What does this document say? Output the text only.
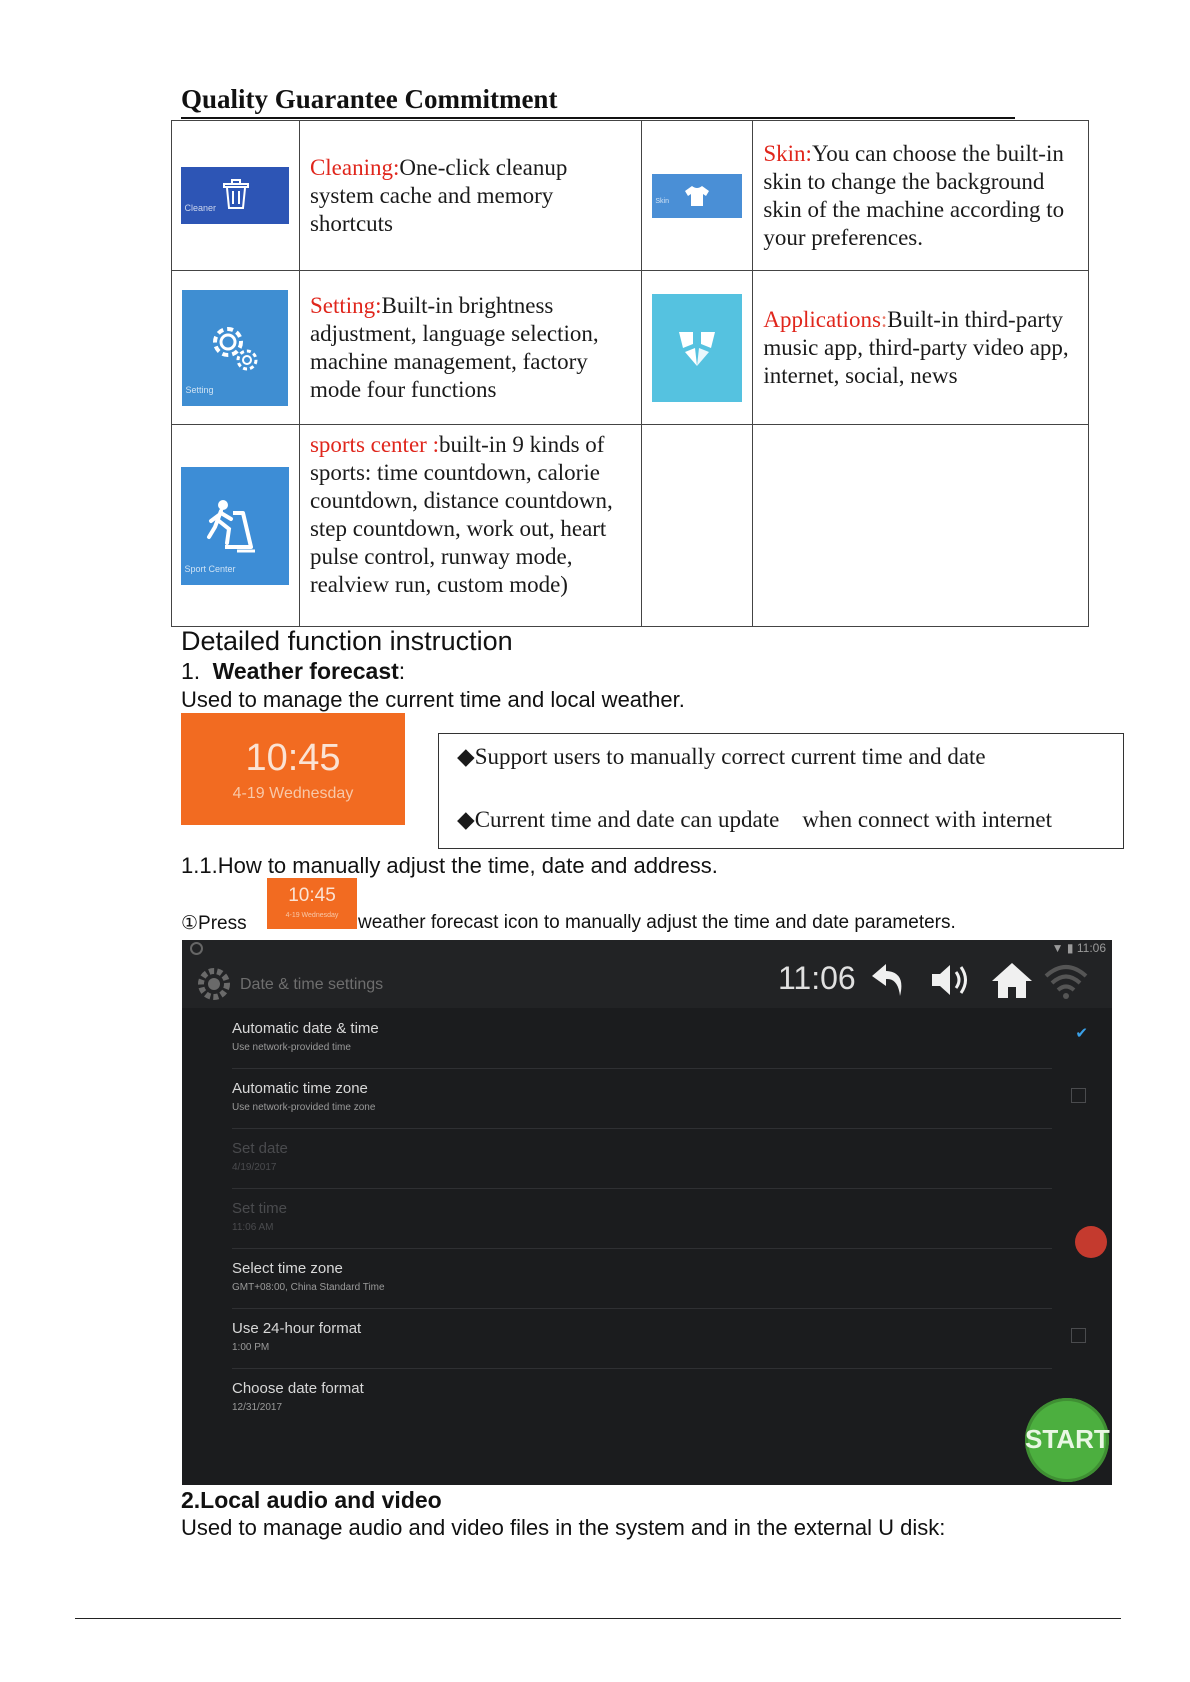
Quality Guarantee Commitment
Cleaner	Cleaning:One-click cleanup system cache and memory shortcuts	Skin	Skin:You can choose the built-in skin to change the background skin of the machine according to your preferences.

Setting	Setting:Built-in brightness adjustment, language selection, machine management, factory mode four functions		Applications:Built-in third-party music app, third-party video app, internet, social, news

Sport Center	sports center :built-in 9 kinds of sports: time countdown, calorie countdown, distance countdown, step countdown, work out, heart pulse control, runway mode, realview run, custom mode)		
Detailed function instruction
1. Weather forecast:
Used to manage the current time and local weather.
10:45
4-19 Wednesday
◆Support users to manually correct current time and date
◆Current time and date can update    when connect with internet
1.1.How to manually adjust the time, date and address.
①Press
10:45
4-19 Wednesday	weather forecast icon to manually adjust the time and date parameters.
▼ ▮ 11:06
Date & time settings	11:06
Automatic date & time
Use network-provided time
✔
Automatic time zone
Use network-provided time zone
Set date
4/19/2017
Set time
11:06 AM
Select time zone
GMT+08:00, China Standard Time
Use 24-hour format
1:00 PM
Choose date format
12/31/2017
START
2.Local audio and video
Used to manage audio and video files in the system and in the external U disk:
